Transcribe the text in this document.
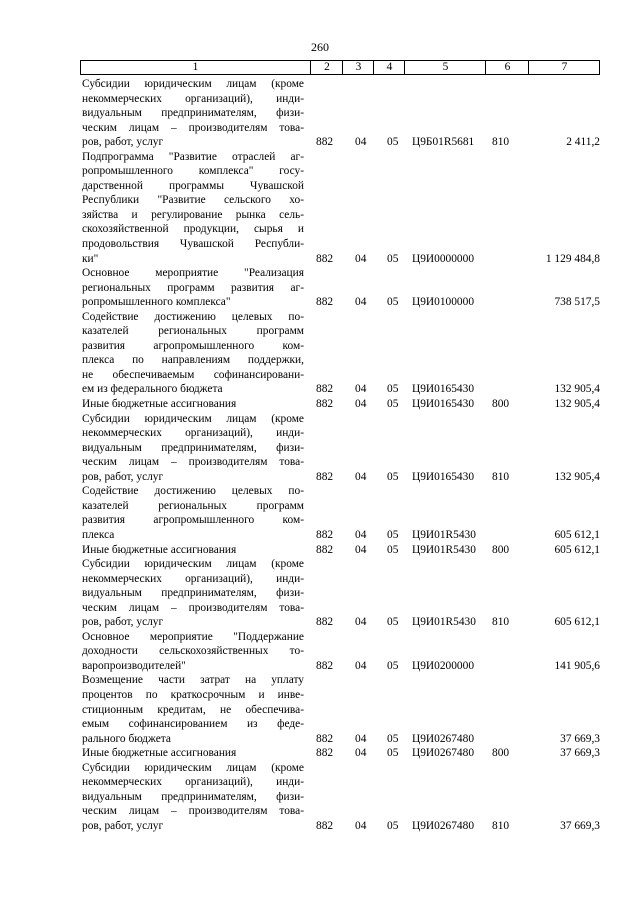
260
1	2	3	4	5	6	7
Субсидии юридическим лицам (кроме
некоммерческих организаций), инди-
видуальным предпринимателям, физи-
ческим лицам – производителям това-
ров, работ, услуг	882 04 05 Ц9Б01R5681 810	2 411,2
Подпрограмма "Развитие отраслей аг-
ропромышленного комплекса" госу-
дарственной программы Чувашской
Республики "Развитие сельского хо-
зяйства и регулирование рынка сель-
скохозяйственной продукции, сырья и
продовольствия Чувашской Республи-
ки"	882 04 05 Ц9И0000000	1 129 484,8
Основное мероприятие "Реализация
региональных программ развития аг-
ропромышленного комплекса"	882 04 05 Ц9И0100000	738 517,5
Содействие достижению целевых по-
казателей региональных программ
развития агропромышленного ком-
плекса по направлениям поддержки,
не обеспечиваемым софинансировани-
ем из федерального бюджета	882 04 05 Ц9И0165430	132 905,4
Иные бюджетные ассигнования	882 04 05 Ц9И0165430 800	132 905,4
Субсидии юридическим лицам (кроме
некоммерческих организаций), инди-
видуальным предпринимателям, физи-
ческим лицам – производителям това-
ров, работ, услуг	882 04 05 Ц9И0165430 810	132 905,4
Содействие достижению целевых по-
казателей региональных программ
развития агропромышленного ком-
плекса	882 04 05 Ц9И01R5430	605 612,1
Иные бюджетные ассигнования	882 04 05 Ц9И01R5430 800	605 612,1
Субсидии юридическим лицам (кроме
некоммерческих организаций), инди-
видуальным предпринимателям, физи-
ческим лицам – производителям това-
ров, работ, услуг	882 04 05 Ц9И01R5430 810	605 612,1
Основное мероприятие "Поддержание
доходности сельскохозяйственных то-
варопроизводителей"	882 04 05 Ц9И0200000	141 905,6
Возмещение части затрат на уплату
процентов по краткосрочным и инве-
стиционным кредитам, не обеспечива-
емым софинансированием из феде-
рального бюджета	882 04 05 Ц9И0267480	37 669,3
Иные бюджетные ассигнования	882 04 05 Ц9И0267480 800	37 669,3
Субсидии юридическим лицам (кроме
некоммерческих организаций), инди-
видуальным предпринимателям, физи-
ческим лицам – производителям това-
ров, работ, услуг	882 04 05 Ц9И0267480 810	37 669,3
